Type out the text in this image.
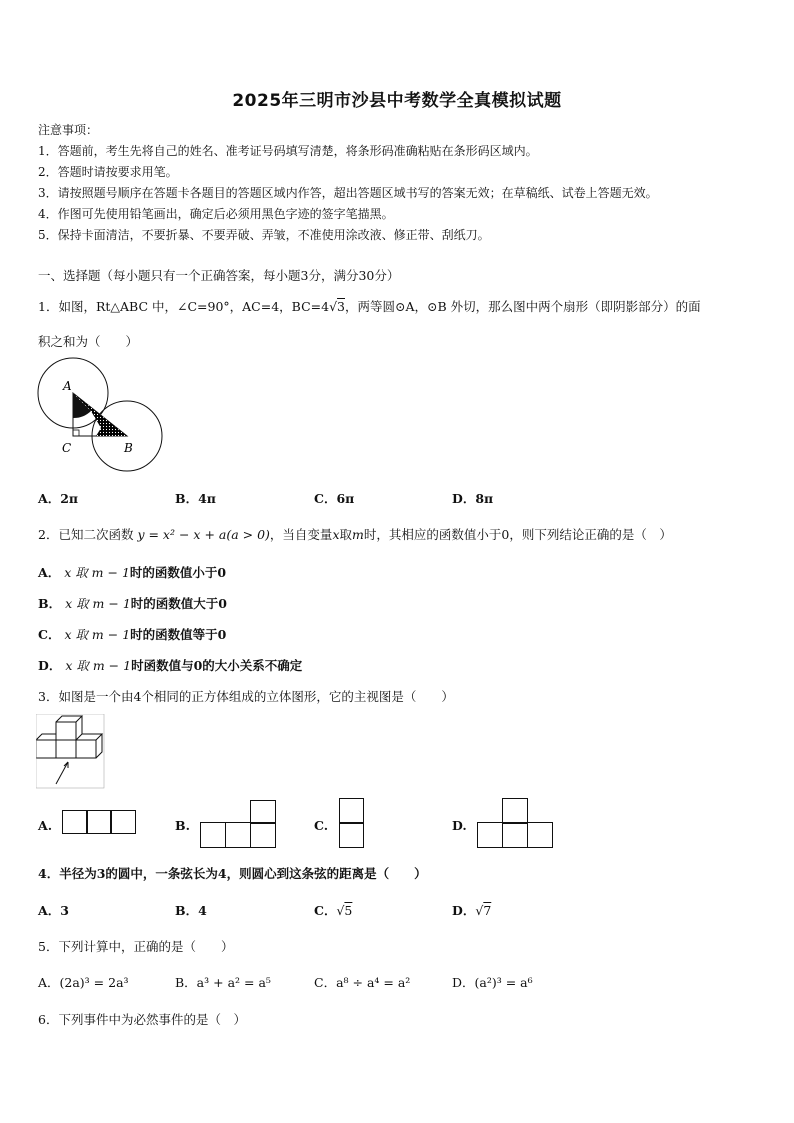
2025年三明市沙县中考数学全真模拟试题
注意事项：
1．答题前，考生先将自己的姓名、准考证号码填写清楚，将条形码准确粘贴在条形码区域内。
2．答题时请按要求用笔。
3．请按照题号顺序在答题卡各题目的答题区域内作答，超出答题区域书写的答案无效；在草稿纸、试卷上答题无效。
4．作图可先使用铅笔画出，确定后必须用黑色字迹的签字笔描黑。
5．保持卡面清洁，不要折暴、不要弄破、弄皱，不准使用涂改液、修正带、刮纸刀。
一、选择题（每小题只有一个正确答案，每小题3分，满分30分）
1．如图，Rt△ABC 中，∠C=90°，AC=4，BC=4√3，两等圆⊙A，⊙B 外切，那么图中两个扇形（即阴影部分）的面
积之和为（　　）
A
C	B
A．2π	B．4π	C．6π	D．8π
2．已知二次函数 y = x² − x + a(a > 0)，当自变量x取m时，其相应的函数值小于0，则下列结论正确的是（　）
A． x 取 m − 1时的函数值小于0
B． x 取 m − 1时的函数值大于0
C． x 取 m − 1时的函数值等于0
D． x 取 m − 1时函数值与0的大小关系不确定
3．如图是一个由4个相同的正方体组成的立体图形，它的主视图是（　　）
A.	B.	C.	D.
4．半径为3的圆中，一条弦长为4，则圆心到这条弦的距离是（　　）
A．3	B．4	C．√5	D．√7
5．下列计算中，正确的是（　　）
A．(2a)³ = 2a³	B．a³ + a² = a⁵	C．a⁸ ÷ a⁴ = a²	D．(a²)³ = a⁶
6．下列事件中为必然事件的是（　）
